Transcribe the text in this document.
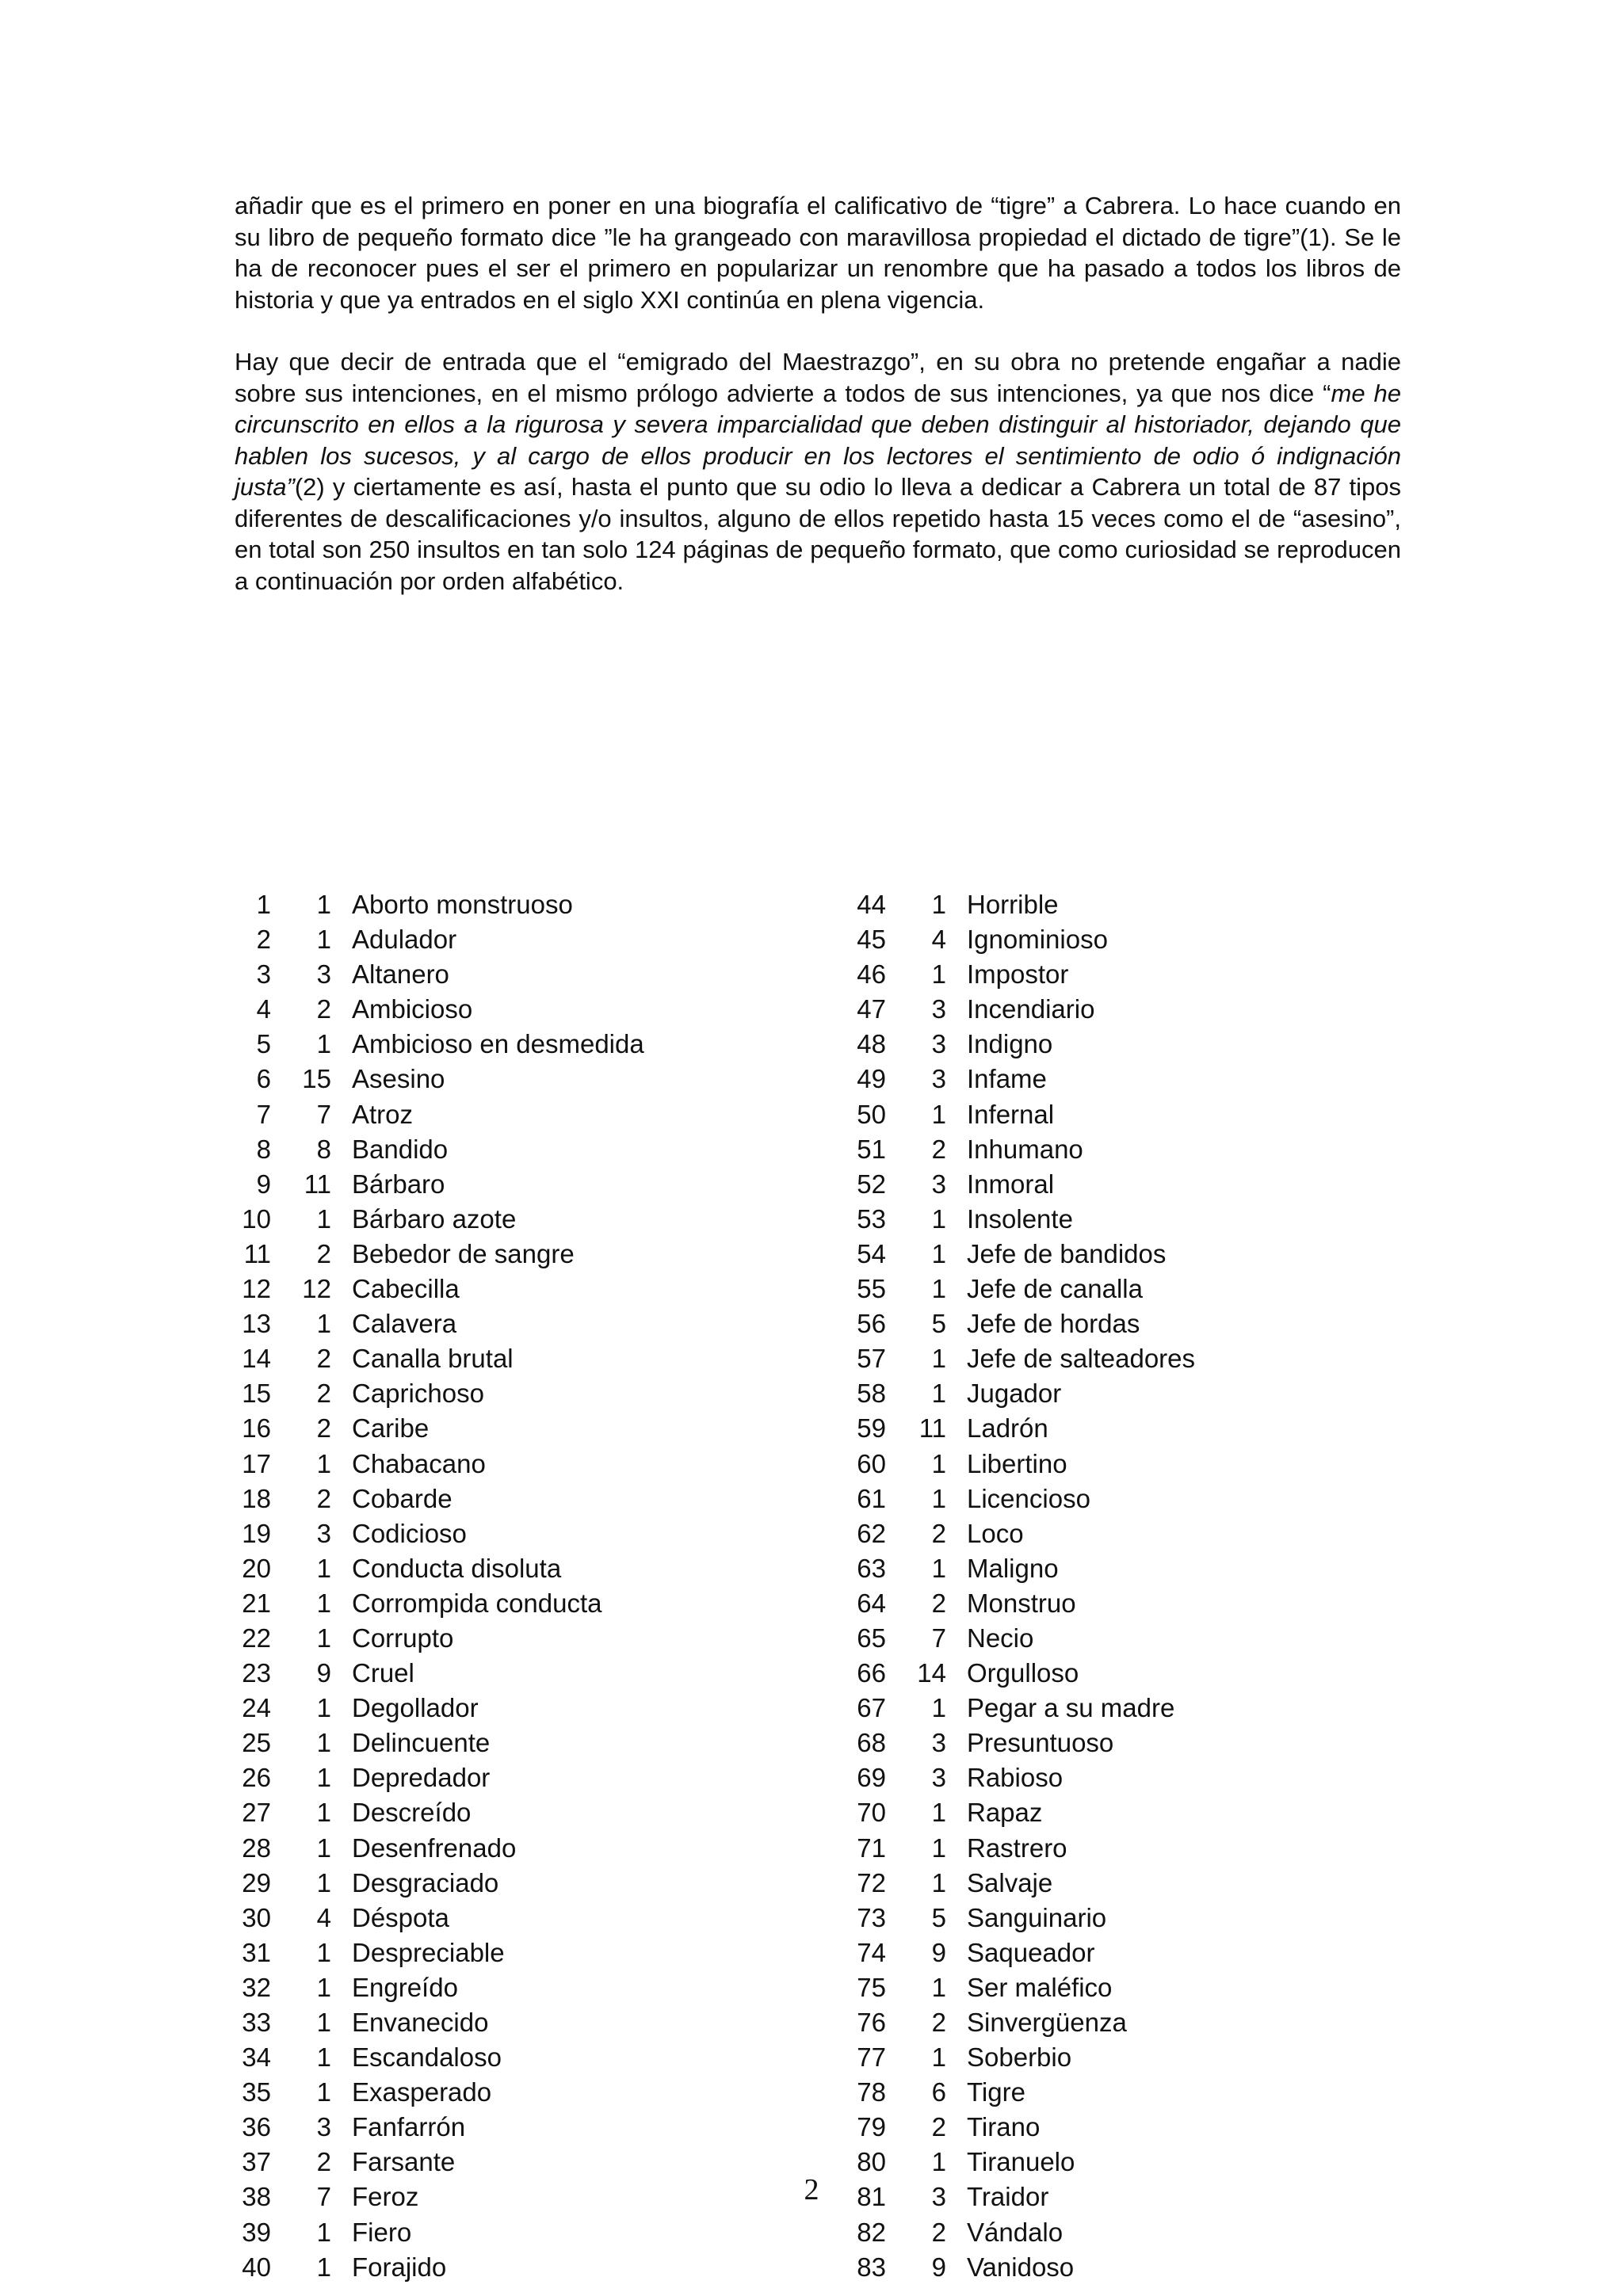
añadir que es el primero en poner en una biografía el calificativo de “tigre” a Cabrera. Lo hace cuando en su libro de pequeño formato dice ”le ha grangeado con maravillosa propiedad el dictado de tigre”(1). Se le ha de reconocer pues el ser el primero en popularizar un renombre que ha pasado a todos los libros de historia y que ya entrados en el siglo XXI continúa en plena vigencia.

Hay que decir de entrada que el “emigrado del Maestrazgo”, en su obra no pretende engañar a nadie sobre sus intenciones, en el mismo prólogo advierte a todos de sus intenciones, ya que nos dice “me he circunscrito en ellos a la rigurosa y severa imparcialidad que deben distinguir al historiador, dejando que hablen los sucesos, y al cargo de ellos producir en los lectores el sentimiento de odio ó indignación justa”(2) y ciertamente es así, hasta el punto que su odio lo lleva a dedicar a Cabrera un total de 87 tipos diferentes de descalificaciones y/o insultos, alguno de ellos repetido hasta 15 veces como el de “asesino”, en total son 250 insultos en tan solo 124 páginas de pequeño formato, que como curiosidad se reproducen a continuación por orden alfabético.

1	1 Aborto monstruoso
2	1 Adulador
3	3 Altanero
4	2 Ambicioso
5	1 Ambicioso en desmedida
6	15 Asesino
7	7 Atroz
8	8 Bandido
9	11 Bárbaro
10	1 Bárbaro azote
11	2 Bebedor de sangre
12	12 Cabecilla
13	1 Calavera
14	2 Canalla brutal
15	2 Caprichoso
16	2 Caribe
17	1 Chabacano
18	2 Cobarde
19	3 Codicioso
20	1 Conducta disoluta
21	1 Corrompida conducta
22	1 Corrupto
23	9 Cruel
24	1 Degollador
25	1 Delincuente
26	1 Depredador
27	1 Descreído
28	1 Desenfrenado
29	1 Desgraciado
30	4 Déspota
31	1 Despreciable
32	1 Engreído
33	1 Envanecido
34	1 Escandaloso
35	1 Exasperado
36	3 Fanfarrón
37	2 Farsante
38	7 Feroz
39	1 Fiero
40	1 Forajido
44	1 Horrible
45	4 Ignominioso
46	1 Impostor
47	3 Incendiario
48	3 Indigno
49	3 Infame
50	1 Infernal
51	2 Inhumano
52	3 Inmoral
53	1 Insolente
54	1 Jefe de bandidos
55	1 Jefe de canalla
56	5 Jefe de hordas
57	1 Jefe de salteadores
58	1 Jugador
59	11 Ladrón
60	1 Libertino
61	1 Licencioso
62	2 Loco
63	1 Maligno
64	2 Monstruo
65	7 Necio
66	14 Orgulloso
67	1 Pegar a su madre
68	3 Presuntuoso
69	3 Rabioso
70	1 Rapaz
71	1 Rastrero
72	1 Salvaje
73	5 Sanguinario
74	9 Saqueador
75	1 Ser maléfico
76	2 Sinvergüenza
77	1 Soberbio
78	6 Tigre
79	2 Tirano
80	1 Tiranuelo
81	3 Traidor
82	2 Vándalo
83	9 Vanidoso
2
